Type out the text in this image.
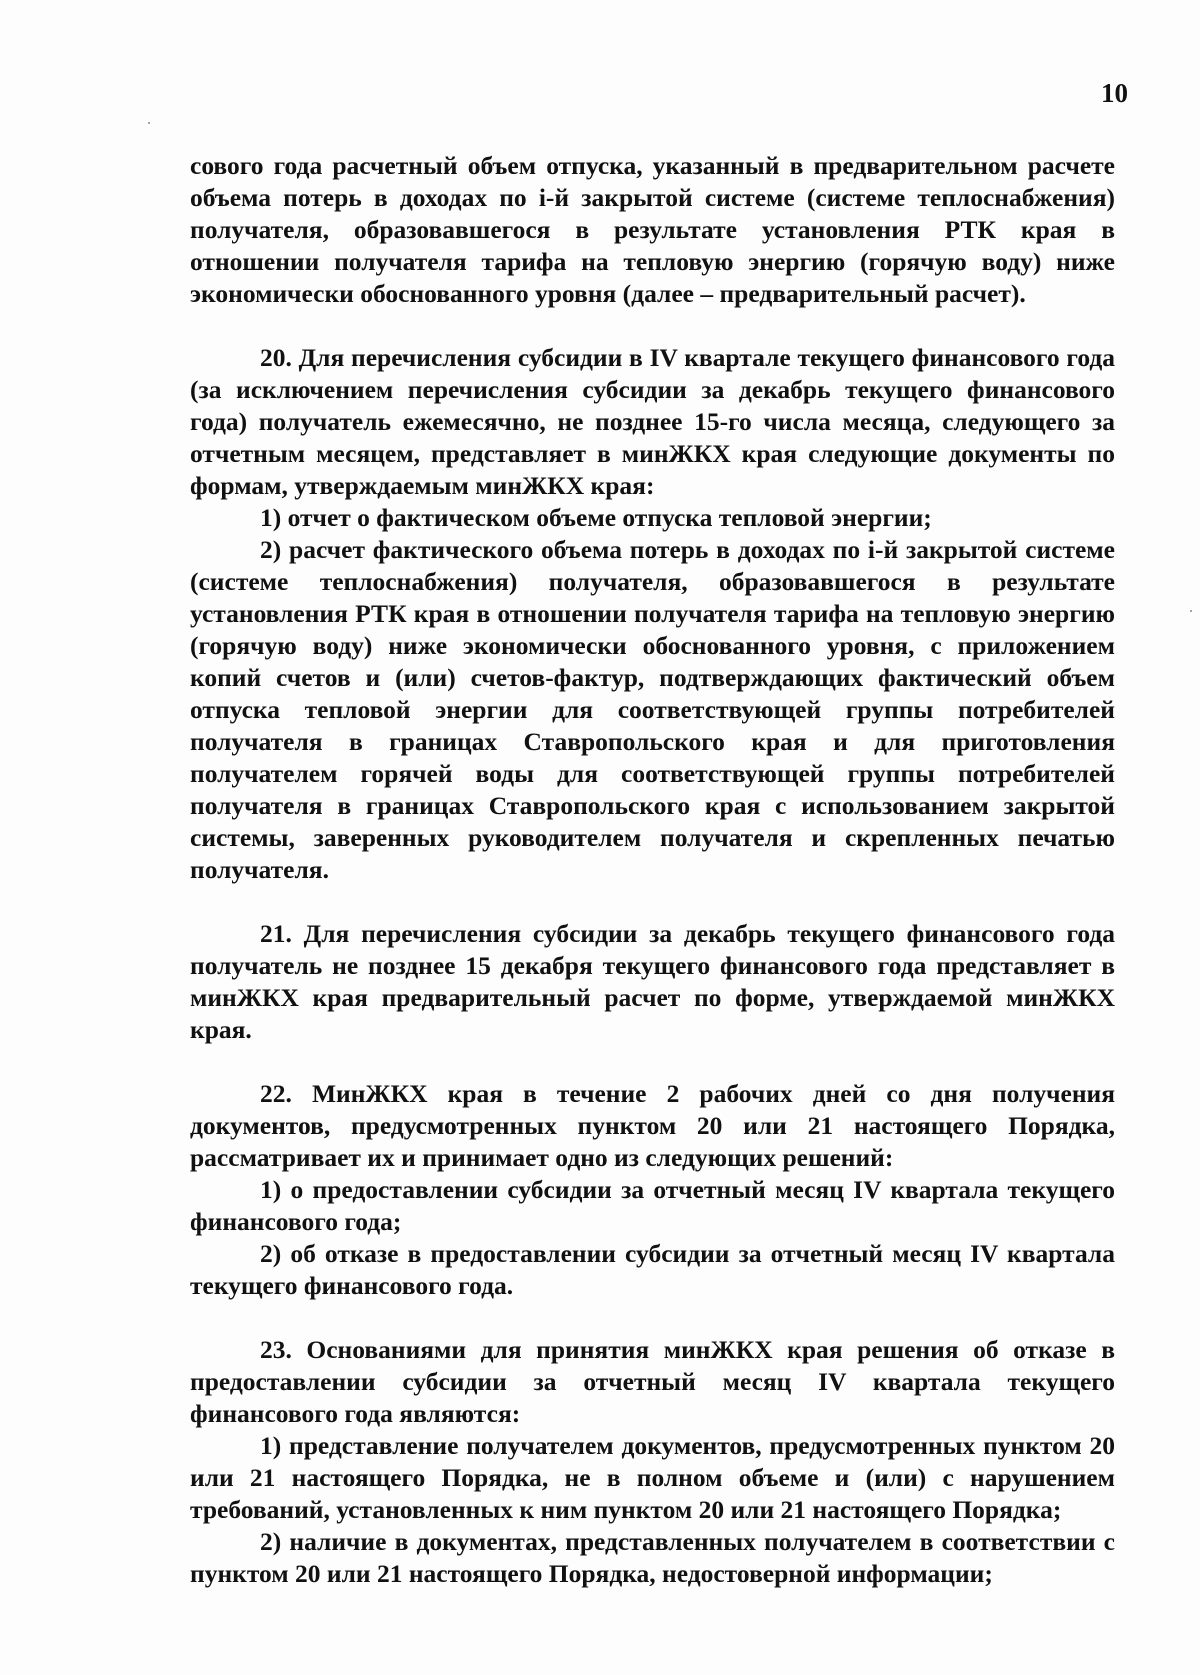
10

сового года расчетный объем отпуска, указанный в предварительном расчете объема потерь в доходах по i-й закрытой системе (системе теплоснабжения) получателя, образовавшегося в результате установления РТК края в отношении получателя тарифа на тепловую энергию (горячую воду) ниже экономически обоснованного уровня (далее – предварительный расчет).

20. Для перечисления субсидии в IV квартале текущего финансового года (за исключением перечисления субсидии за декабрь текущего финансового года) получатель ежемесячно, не позднее 15-го числа месяца, следующего за отчетным месяцем, представляет в минЖКХ края следующие документы по формам, утверждаемым минЖКХ края:

1) отчет о фактическом объеме отпуска тепловой энергии;

2) расчет фактического объема потерь в доходах по i-й закрытой системе (системе теплоснабжения) получателя, образовавшегося в результате установления РТК края в отношении получателя тарифа на тепловую энергию (горячую воду) ниже экономически обоснованного уровня, с приложением копий счетов и (или) счетов-фактур, подтверждающих фактический объем отпуска тепловой энергии для соответствующей группы потребителей получателя в границах Ставропольского края и для приготовления получателем горячей воды для соответствующей группы потребителей получателя в границах Ставропольского края с использованием закрытой системы, заверенных руководителем получателя и скрепленных печатью получателя.

21. Для перечисления субсидии за декабрь текущего финансового года получатель не позднее 15 декабря текущего финансового года представляет в минЖКХ края предварительный расчет по форме, утверждаемой минЖКХ края.

22. МинЖКХ края в течение 2 рабочих дней со дня получения документов, предусмотренных пунктом 20 или 21 настоящего Порядка, рассматривает их и принимает одно из следующих решений:

1) о предоставлении субсидии за отчетный месяц IV квартала текущего финансового года;

2) об отказе в предоставлении субсидии за отчетный месяц IV квартала текущего финансового года.

23. Основаниями для принятия минЖКХ края решения об отказе в предоставлении субсидии за отчетный месяц IV квартала текущего финансового года являются:

1) представление получателем документов, предусмотренных пунктом 20 или 21 настоящего Порядка, не в полном объеме и (или) с нарушением требований, установленных к ним пунктом 20 или 21 настоящего Порядка;

2) наличие в документах, представленных получателем в соответствии с пунктом 20 или 21 настоящего Порядка, недостоверной информации;
